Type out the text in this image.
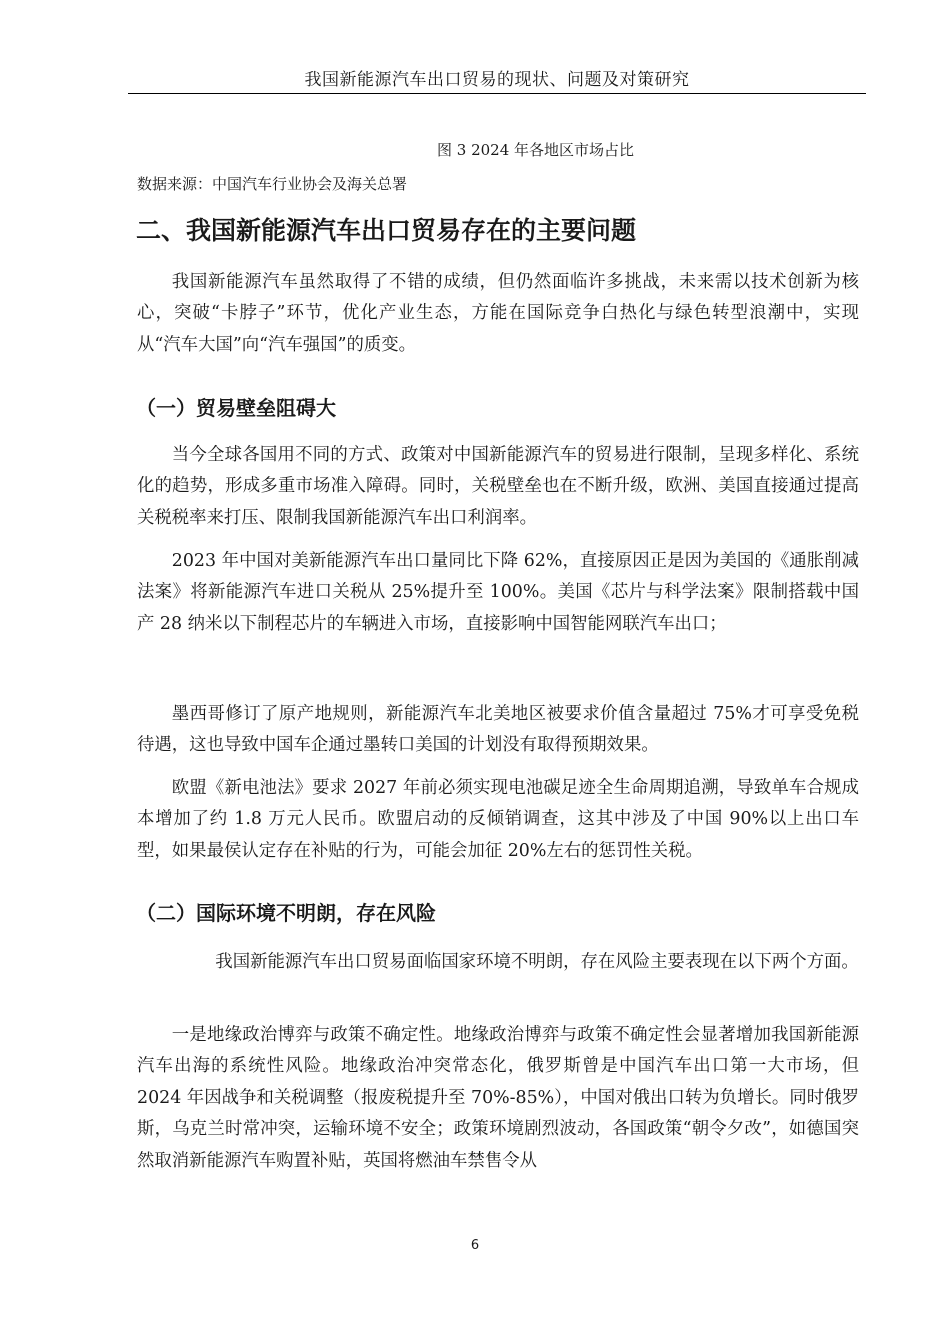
我国新能源汽车出口贸易的现状、问题及对策研究
图 3 2024 年各地区市场占比
数据来源：中国汽车行业协会及海关总署
二、我国新能源汽车出口贸易存在的主要问题

我国新能源汽车虽然取得了不错的成绩，但仍然面临许多挑战，未来需以技术创新为核心，突破“卡脖子”环节，优化产业生态，方能在国际竞争白热化与绿色转型浪潮中，实现从“汽车大国”向“汽车强国”的质变。

（一）贸易壁垒阻碍大

当今全球各国用不同的方式、政策对中国新能源汽车的贸易进行限制，呈现多样化、系统化的趋势，形成多重市场准入障碍。同时，关税壁垒也在不断升级，欧洲、美国直接通过提高关税税率来打压、限制我国新能源汽车出口利润率。

2023 年中国对美新能源汽车出口量同比下降 62%，直接原因正是因为美国的《通胀削减法案》将新能源汽车进口关税从 25%提升至 100%。美国《芯片与科学法案》限制搭载中国产 28 纳米以下制程芯片的车辆进入市场，直接影响中国智能网联汽车出口；

墨西哥修订了原产地规则，新能源汽车北美地区被要求价值含量超过 75%才可享受免税待遇，这也导致中国车企通过墨转口美国的计划没有取得预期效果。

欧盟《新电池法》要求 2027 年前必须实现电池碳足迹全生命周期追溯，导致单车合规成本增加了约 1.8 万元人民币。欧盟启动的反倾销调查，这其中涉及了中国 90%以上出口车型，如果最侯认定存在补贴的行为，可能会加征 20%左右的惩罚性关税。

（二）国际环境不明朗，存在风险

我国新能源汽车出口贸易面临国家环境不明朗，存在风险主要表现在以下两个方面。

一是地缘政治博弈与政策不确定性。地缘政治博弈与政策不确定性会显著增加我国新能源汽车出海的系统性风险。地缘政治冲突常态化，俄罗斯曾是中国汽车出口第一大市场，但 2024 年因战争和关税调整（报废税提升至 70%-85%），中国对俄出口转为负增长。同时俄罗斯，乌克兰时常冲突，运输环境不安全；政策环境剧烈波动，各国政策“朝令夕改”，如德国突然取消新能源汽车购置补贴，英国将燃油车禁售令从

6
